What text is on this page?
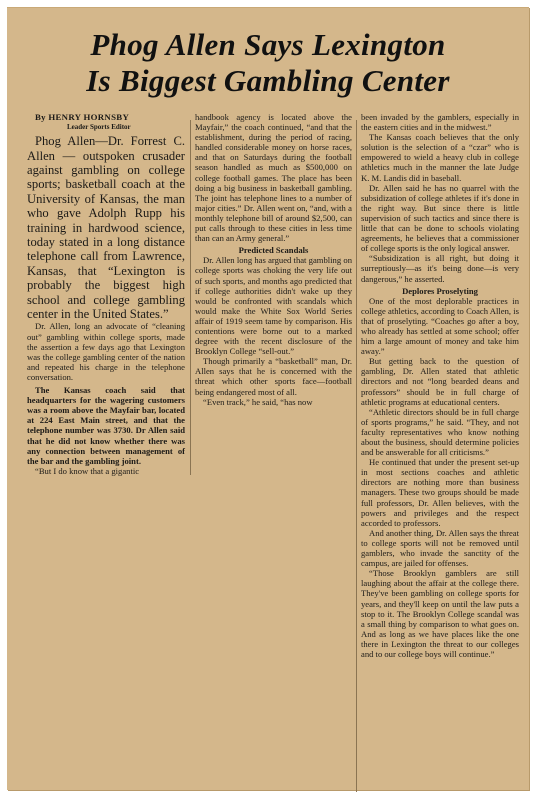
Phog Allen Says Lexington
Is Biggest Gambling Center

By HENRY HORNSBY

Leader Sports Editor

Phog Allen—Dr. Forrest C. Allen — outspoken crusader against gambling on college sports; basketball coach at the University of Kansas, the man who gave Adolph Rupp his training in hardwood science, today stated in a long distance telephone call from Lawrence, Kansas, that “Lexington is probably the biggest high school and college gambling center in the United States.”

Dr. Allen, long an advocate of “cleaning out” gambling within college sports, made the assertion a few days ago that Lexington was the college gambling center of the nation and repeated his charge in the telephone conversation.

The Kansas coach said that headquarters for the wagering customers was a room above the Mayfair bar, located at 224 East Main street, and that the telephone number was 3730. Dr Allen said that he did not know whether there was any connection between management of the bar and the gambling joint.

“But I do know that a gigantic

handbook agency is located above the Mayfair,” the coach continued, “and that the establishment, during the period of racing, handled considerable money on horse races, and that on Saturdays during the football season handled as much as $500,000 on college football games. The place has been doing a big business in basketball gambling. The joint has telephone lines to a number of major cities.” Dr. Allen went on, “and, with a monthly telephone bill of around $2,500, can put calls through to these cities in less time than can an Army general.”

Predicted Scandals

Dr. Allen long has argued that gambling on college sports was choking the very life out of such sports, and months ago predicted that if college authorities didn't wake up they would be confronted with scandals which would make the White Sox World Series affair of 1919 seem tame by comparison. His contentions were borne out to a marked degree with the recent disclosure of the Brooklyn College “sell-out.”

Though primarily a “basketball” man, Dr. Allen says that he is concerned with the threat which other sports face—football being endangered most of all.

“Even track,” he said, “has now

been invaded by the gamblers, especially in the eastern cities and in the midwest.”

The Kansas coach believes that the only solution is the selection of a “czar” who is empowered to wield a heavy club in college athletics much in the manner the late Judge K. M. Landis did in baseball.

Dr. Allen said he has no quarrel with the subsidization of college athletes if it's done in the right way. But since there is little supervision of such tactics and since there is little that can be done to schools violating agreements, he believes that a commissioner of college sports is the only logical answer.

“Subsidization is all right, but doing it surreptiously—as it's being done—is very dangerous,” he asserted.

Deplores Proselyting

One of the most deplorable practices in college athletics, according to Coach Allen, is that of proselyting. “Coaches go after a boy, who already has settled at some school; offer him a large amount of money and take him away.”

But getting back to the question of gambling, Dr. Allen stated that athletic directors and not “long bearded deans and professors” should be in full charge of athletic programs at educational centers.

“Athletic directors should be in full charge of sports programs,” he said. “They, and not faculty representatives who know nothing about the business, should determine policies and be answerable for all criticisms.”

He continued that under the present set-up in most sections coaches and athletic directors are nothing more than business managers. These two groups should be made full professors, Dr. Allen believes, with the powers and privileges and the respect accorded to professors.

And another thing, Dr. Allen says the threat to college sports will not be removed until gamblers, who invade the sanctity of the campus, are jailed for offenses.

“Those Brooklyn gamblers are still laughing about the affair at the college there. They've been gambling on college sports for years, and they'll keep on until the law puts a stop to it. The Brooklyn College scandal was a small thing by comparison to what goes on. And as long as we have places like the one there in Lexington the threat to our colleges and to our college boys will continue.”
